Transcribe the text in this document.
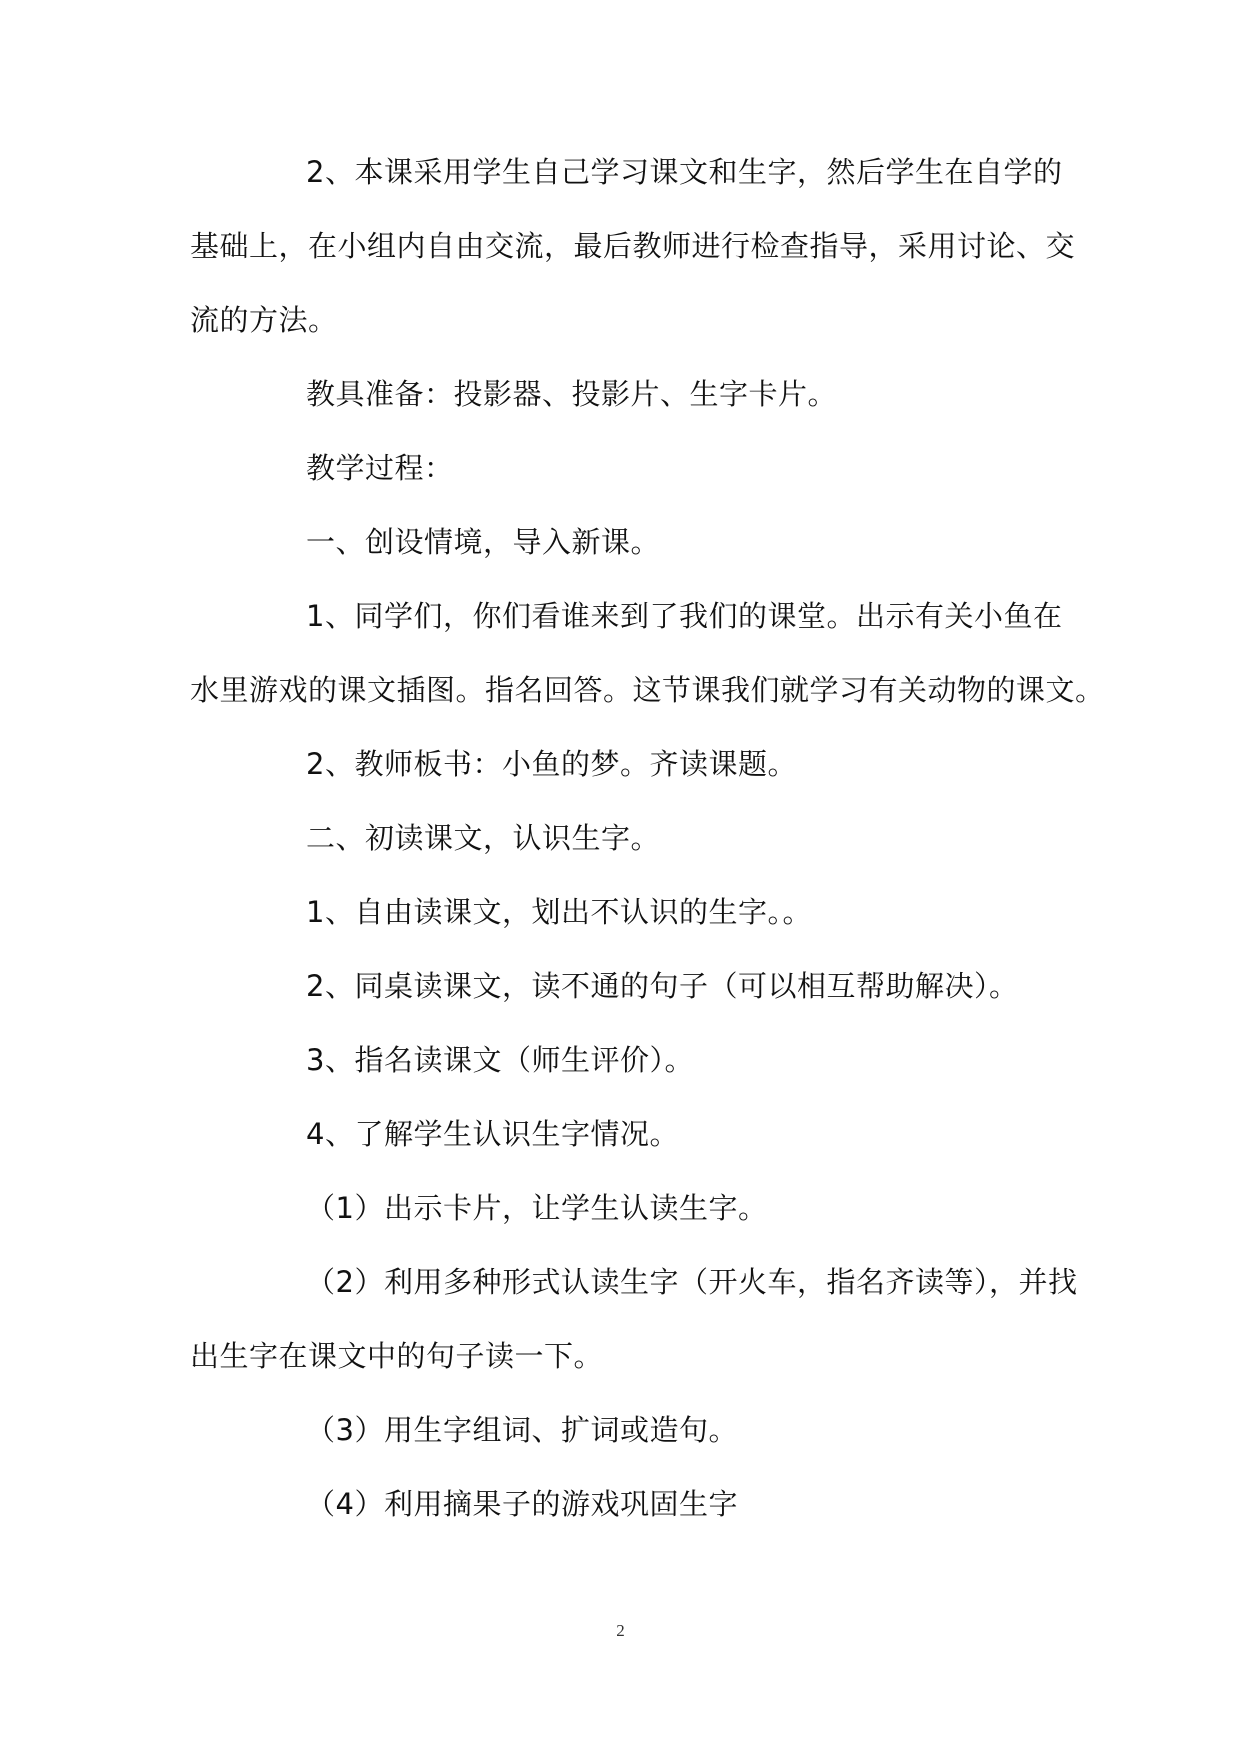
2、本课采用学生自己学习课文和生字，然后学生在自学的
基础上，在小组内自由交流，最后教师进行检查指导，采用讨论、交
流的方法。
教具准备：投影器、投影片、生字卡片。
教学过程：
一、创设情境，导入新课。
1、同学们，你们看谁来到了我们的课堂。出示有关小鱼在
水里游戏的课文插图。指名回答。这节课我们就学习有关动物的课文。
2、教师板书：小鱼的梦。齐读课题。
二、初读课文，认识生字。
1、自由读课文，划出不认识的生字。。
2、同桌读课文，读不通的句子（可以相互帮助解决）。
3、指名读课文（师生评价）。
4、了解学生认识生字情况。
（1）出示卡片，让学生认读生字。
（2）利用多种形式认读生字（开火车，指名齐读等），并找
出生字在课文中的句子读一下。
（3）用生字组词、扩词或造句。
（4）利用摘果子的游戏巩固生字
2
